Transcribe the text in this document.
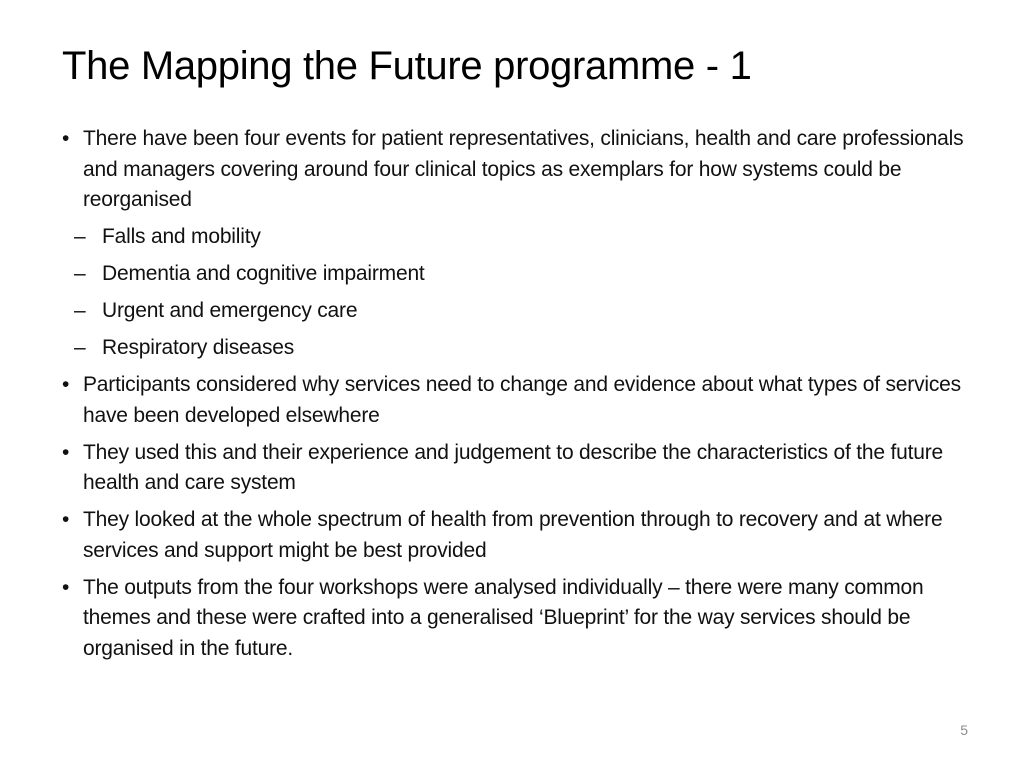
The Mapping the Future programme - 1
• There have been four events for patient representatives, clinicians, health and care professionals and managers covering around four clinical topics as exemplars for how systems could be reorganised
– Falls and mobility
– Dementia and cognitive impairment
– Urgent and emergency care
– Respiratory diseases
• Participants considered why services need to change and evidence about what types of services have been developed elsewhere
• They used this and their experience and judgement to describe the characteristics of the future health and care system
• They looked at the whole spectrum of health from prevention through to recovery and at where services and support might be best provided
• The outputs from the four workshops were analysed individually – there were many common themes and these were crafted into a generalised ‘Blueprint’ for the way services should be organised in the future.
5
